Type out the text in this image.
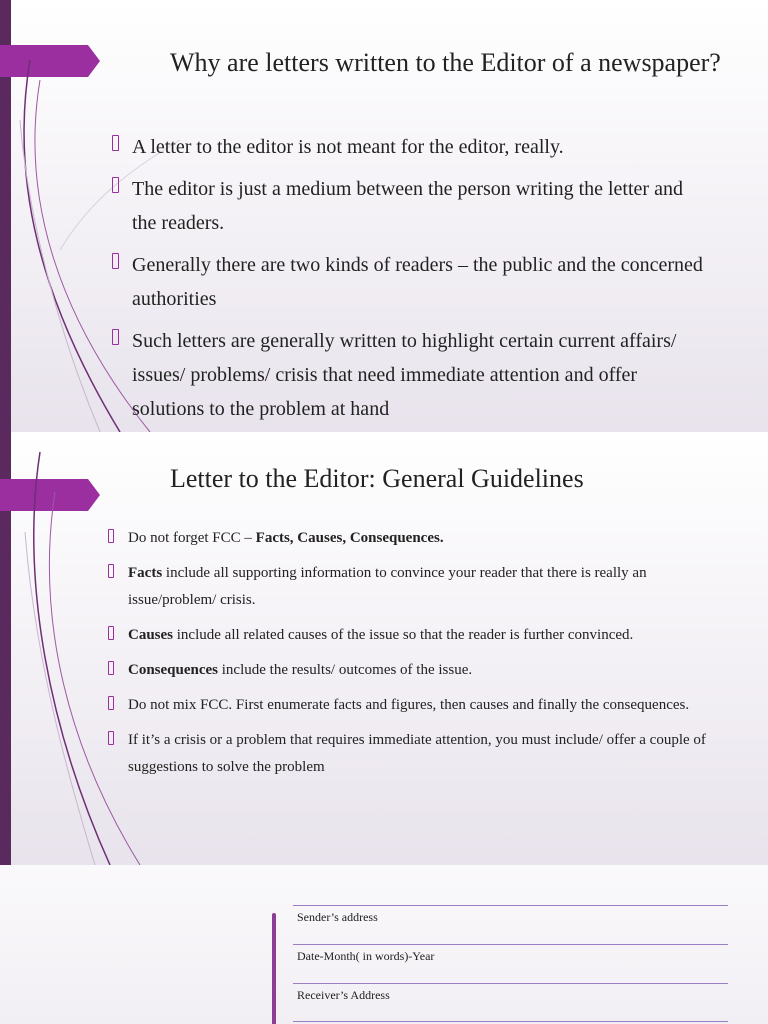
Why are letters written to the Editor of a newspaper?
A letter to the editor is not meant for the editor, really.
The editor is just a medium between the person writing the letter and the readers.
Generally there are two kinds of readers – the public and the concerned authorities
Such letters are generally written to highlight certain current affairs/ issues/ problems/ crisis that need immediate attention and offer solutions to the problem at hand
Letter to the Editor: General Guidelines
Do not forget FCC – Facts, Causes, Consequences.
Facts include all supporting information to convince your reader that there is really an issue/problem/ crisis.
Causes include all related causes of the issue so that the reader is further convinced.
Consequences include the results/ outcomes of the issue.
Do not mix FCC. First enumerate facts and figures, then causes and finally the consequences.
If it’s a crisis or a problem that requires immediate attention, you must include/ offer a couple of suggestions to solve the problem
Sender’s address
Date-Month( in words)-Year
Receiver’s Address
